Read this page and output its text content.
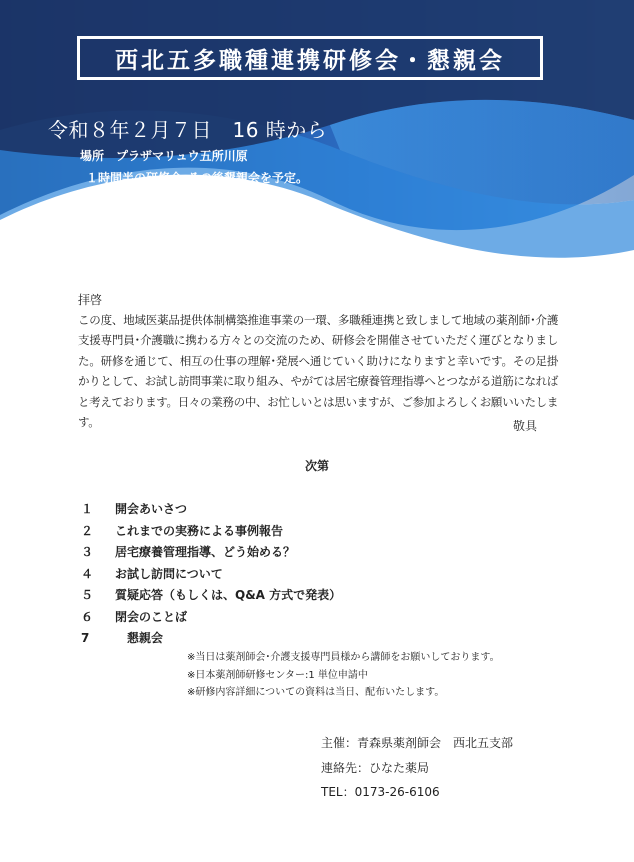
西北五多職種連携研修会・懇親会
令和８年２月７日　16 時から
場所　プラザマリュウ五所川原
１時間半の研修会･その後懇親会を予定。
参加費：薬剤師　1000 円
介護職様方：　　無料
拝啓
この度、地域医薬品提供体制構築推進事業の一環、多職種連携と致しまして地域の薬剤師･介護支援専門員･介護職に携わる方々との交流のため、研修会を開催させていただく運びとなりました。研修を通じて、相互の仕事の理解･発展へ通じていく助けになりますと幸いです。その足掛かりとして、お試し訪問事業に取り組み、やがては居宅療養管理指導へとつながる道筋になればと考えております。日々の業務の中、お忙しいとは思いますが、ご参加よろしくお願いいたします。	敬具
次第
１	開会あいさつ
２	これまでの実務による事例報告
３	居宅療養管理指導、どう始める？
４	お試し訪問について
５	質疑応答（もしくは、Q&A 方式で発表）
６	閉会のことば
7	　懇親会
※当日は薬剤師会･介護支援専門員様から講師をお願いしております。
※日本薬剤師研修センター:1 単位申請中
※研修内容詳細についての資料は当日、配布いたします。
主催：青森県薬剤師会　西北五支部
連絡先：ひなた薬局
TEL：0173-26-6106
